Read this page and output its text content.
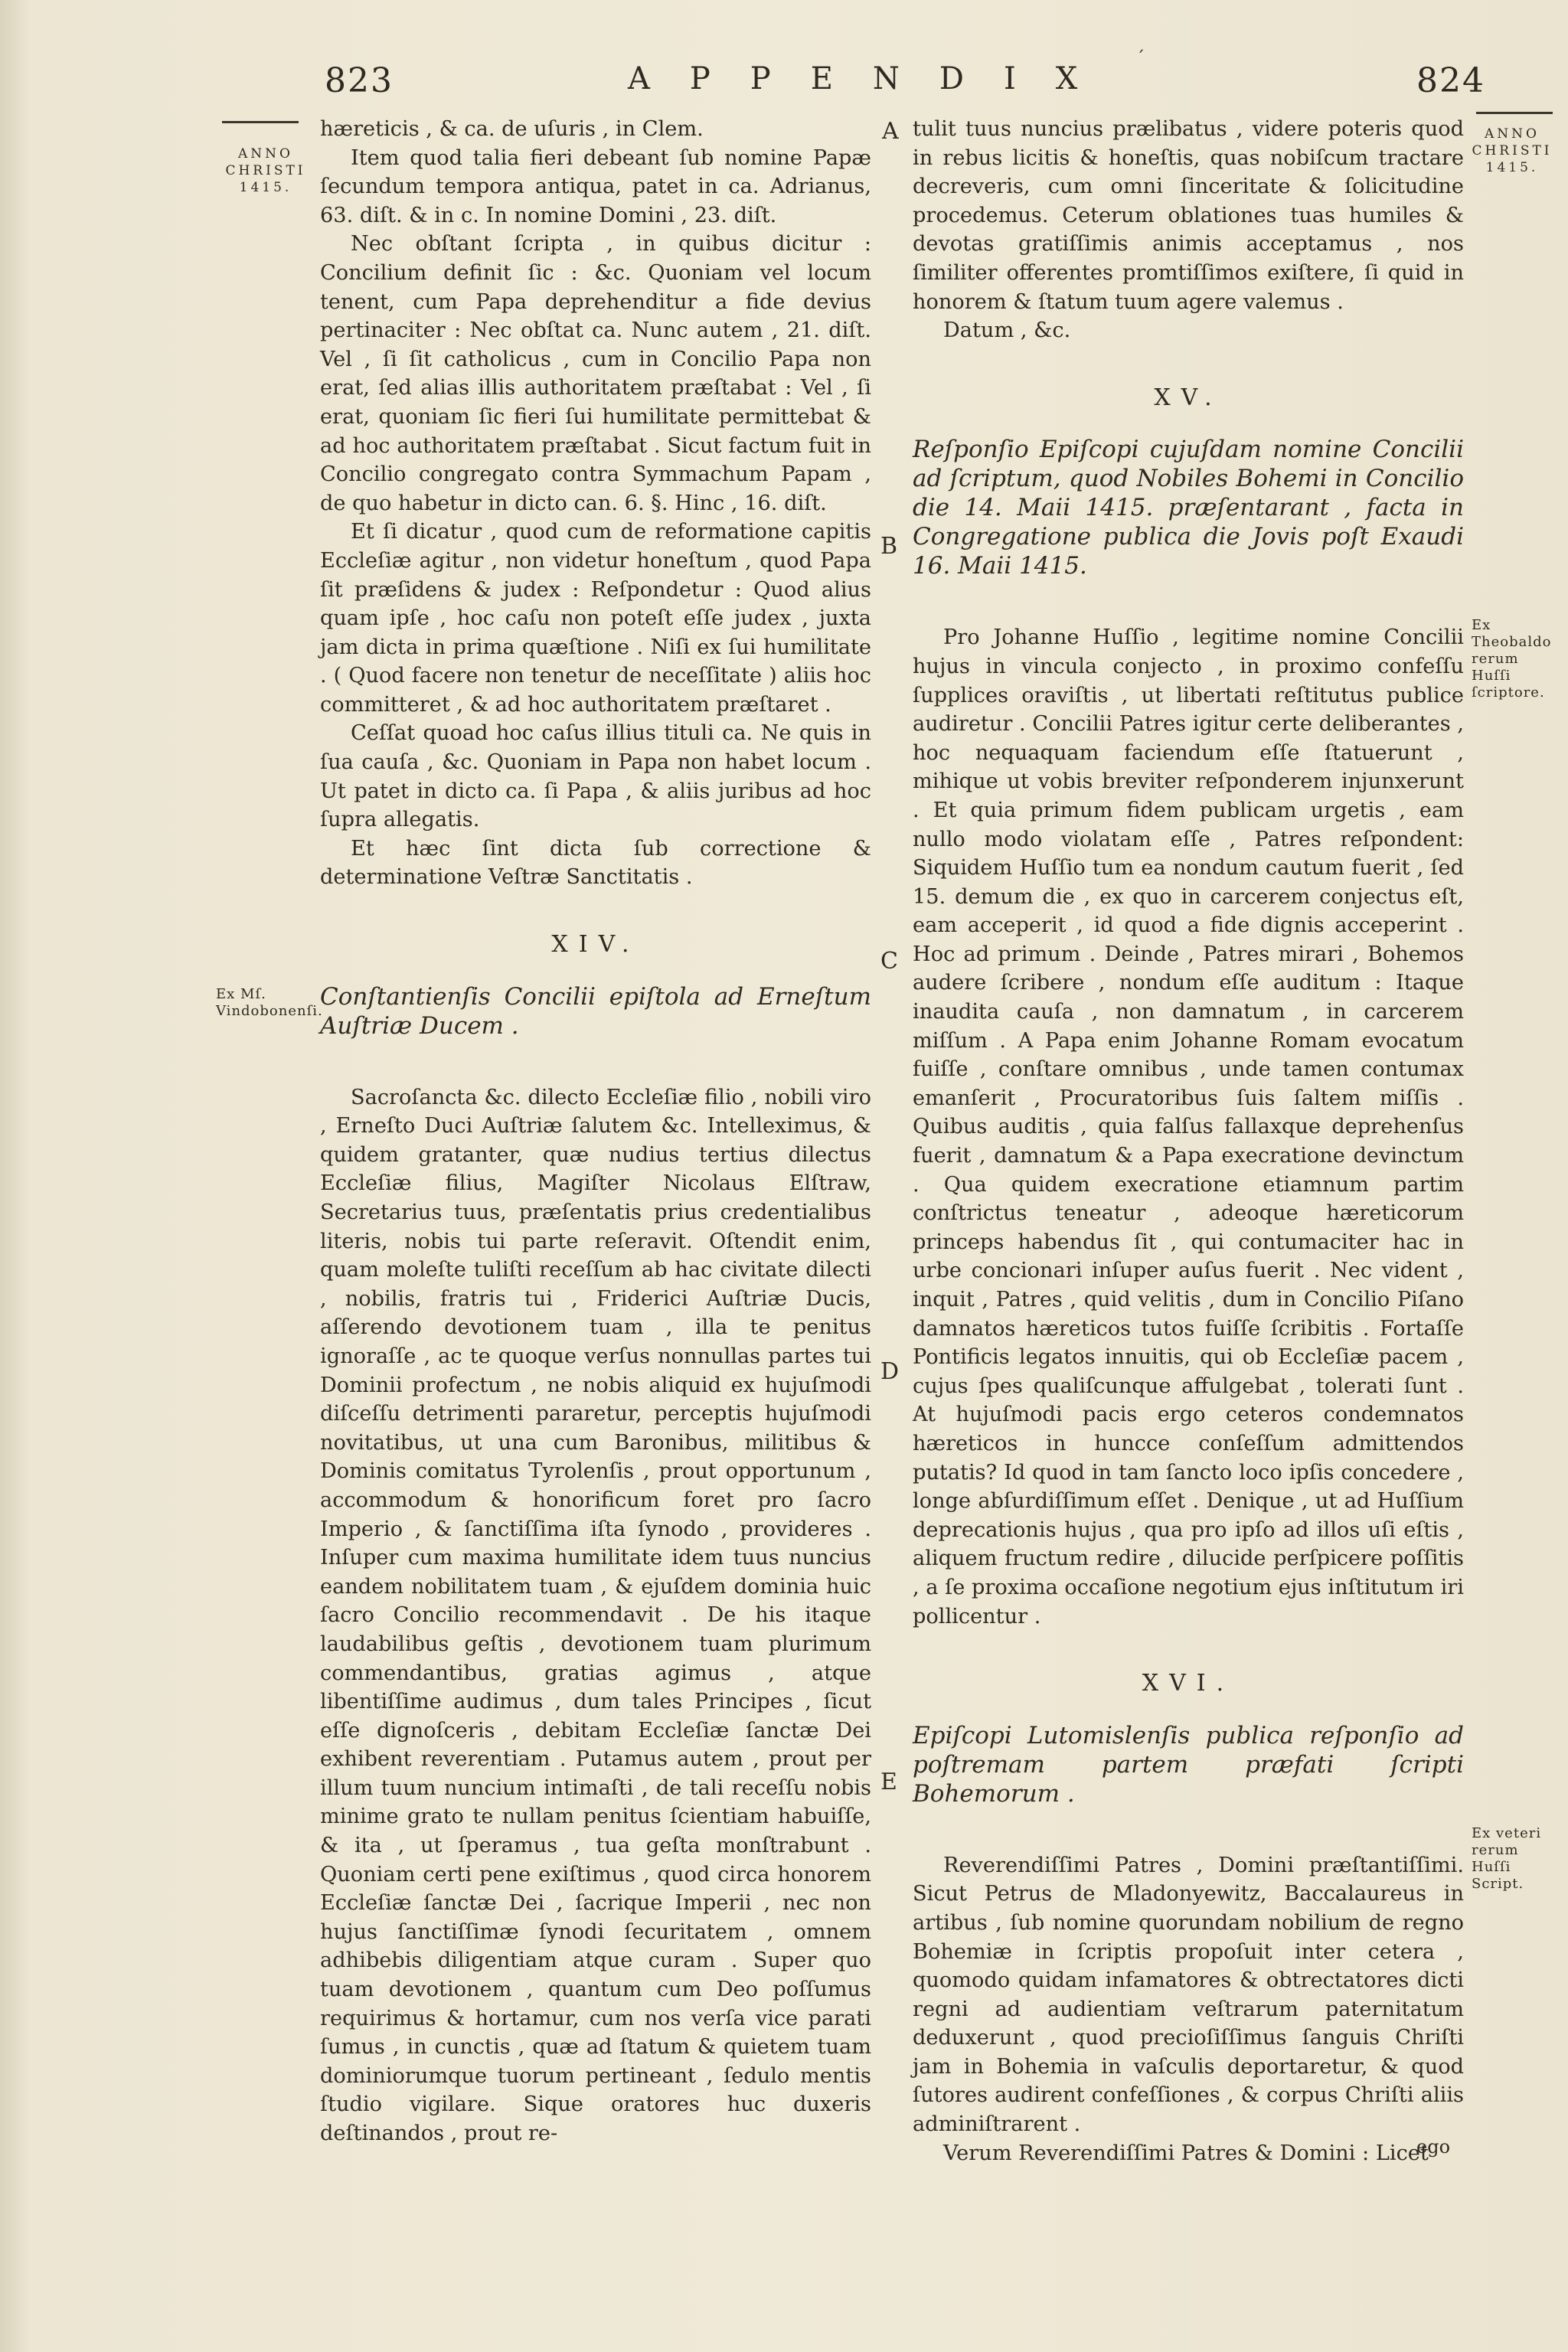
823	APPENDIX	824
ˊ
ANNO CHRISTI 1415.
ANNO CHRISTI 1415.
Ex Mſ. Vindobonenſi.
Ex Theobaldo rerum Huſſi ſcriptore.
Ex veteri rerum Huſſi Script.
A
B
C
D
E

hæreticis , & ca. de uſuris , in Clem.

Item quod talia fieri debeant ſub nomine Papæ ſecundum tempora antiqua, patet in ca. Adrianus, 63. diſt. & in c. In nomine Domini , 23. diſt.

Nec obſtant ſcripta , in quibus dicitur : Concilium definit ſic : &c. Quoniam vel locum tenent, cum Papa deprehenditur a fide devius pertinaciter : Nec obſtat ca. Nunc autem , 21. diſt. Vel , ſi ſit catholicus , cum in Concilio Papa non erat, ſed alias illis authoritatem præſtabat : Vel , ſi erat, quoniam ſic fieri ſui humilitate permittebat & ad hoc authoritatem præſtabat . Sicut factum fuit in Concilio congregato contra Symmachum Papam , de quo habetur in dicto can. 6. §. Hinc , 16. diſt.

Et ſi dicatur , quod cum de reformatione capitis Eccleſiæ agitur , non videtur honeſtum , quod Papa ſit præſidens & judex : Reſpondetur : Quod alius quam ipſe , hoc caſu non poteſt eſſe judex , juxta jam dicta in prima quæſtione . Niſi ex ſui humilitate . ( Quod facere non tenetur de neceſſitate ) aliis hoc committeret , & ad hoc authoritatem præſtaret .

Ceſſat quoad hoc caſus illius tituli ca. Ne quis in ſua cauſa , &c. Quoniam in Papa non habet locum . Ut patet in dicto ca. ſi Papa , & aliis juribus ad hoc ſupra allegatis.

Et hæc ſint dicta ſub correctione & determinatione Veſtræ Sanctitatis .

XIV.
Conſtantienſis Concilii epiſtola ad Erneſtum Auſtriæ Ducem .

Sacroſancta &c. dilecto Eccleſiæ filio , nobili viro , Erneſto Duci Auſtriæ ſalutem &c. Intelleximus, & quidem gratanter, quæ nudius tertius dilectus Eccleſiæ filius, Magiſter Nicolaus Elſtraw, Secretarius tuus, præſentatis prius credentialibus literis, nobis tui parte reſeravit. Oſtendit enim, quam moleſte tuliſti receſſum ab hac civitate dilecti , nobilis, fratris tui , Friderici Auſtriæ Ducis, aſſerendo devotionem tuam , illa te penitus ignoraſſe , ac te quoque verſus nonnullas partes tui Dominii profectum , ne nobis aliquid ex hujuſmodi diſceſſu detrimenti pararetur, perceptis hujuſmodi novitatibus, ut una cum Baronibus, militibus & Dominis comitatus Tyrolenſis , prout opportunum , accommodum & honorificum foret pro ſacro Imperio , & ſanctiſſima iſta ſynodo , provideres . Inſuper cum maxima humilitate idem tuus nuncius eandem nobilitatem tuam , & ejuſdem dominia huic ſacro Concilio recommendavit . De his itaque laudabilibus geſtis , devotionem tuam plurimum commendantibus, gratias agimus , atque libentiſſime audimus , dum tales Principes , ſicut eſſe dignoſceris , debitam Eccleſiæ ſanctæ Dei exhibent reverentiam . Putamus autem , prout per illum tuum nuncium intimaſti , de tali receſſu nobis minime grato te nullam penitus ſcientiam habuiſſe, & ita , ut ſperamus , tua geſta monſtrabunt . Quoniam certi pene exiſtimus , quod circa honorem Eccleſiæ ſanctæ Dei , ſacrique Imperii , nec non hujus ſanctiſſimæ ſynodi ſecuritatem , omnem adhibebis diligentiam atque curam . Super quo tuam devotionem , quantum cum Deo poſſumus requirimus & hortamur, cum nos verſa vice parati ſumus , in cunctis , quæ ad ſtatum & quietem tuam dominiorumque tuorum pertineant , ſedulo mentis ſtudio vigilare. Sique oratores huc duxeris deſtinandos , prout re-

tulit tuus nuncius prælibatus , videre poteris quod in rebus licitis & honeſtis, quas nobiſcum tractare decreveris, cum omni ſinceritate & ſolicitudine procedemus. Ceterum oblationes tuas humiles & devotas gratiſſimis animis acceptamus , nos ſimiliter offerentes promtiſſimos exiſtere, ſi quid in honorem & ſtatum tuum agere valemus .

Datum , &c.

XV.
Reſponſio Epiſcopi cujuſdam nomine Concilii ad ſcriptum, quod Nobiles Bohemi in Concilio die 14. Maii 1415. præſentarant , facta in Congregatione publica die Jovis poſt Exaudi 16. Maii 1415.

Pro Johanne Huſſio , legitime nomine Concilii hujus in vincula conjecto , in proximo confeſſu ſupplices oraviſtis , ut libertati reſtitutus publice audiretur . Concilii Patres igitur certe deliberantes , hoc nequaquam faciendum eſſe ſtatuerunt , mihique ut vobis breviter reſponderem injunxerunt . Et quia primum fidem publicam urgetis , eam nullo modo violatam eſſe , Patres reſpondent: Siquidem Huſſio tum ea nondum cautum fuerit , ſed 15. demum die , ex quo in carcerem conjectus eſt, eam acceperit , id quod a fide dignis acceperint . Hoc ad primum . Deinde , Patres mirari , Bohemos audere ſcribere , nondum eſſe auditum : Itaque inaudita cauſa , non damnatum , in carcerem miſſum . A Papa enim Johanne Romam evocatum fuiſſe , conſtare omnibus , unde tamen contumax emanſerit , Procuratoribus ſuis ſaltem miſſis . Quibus auditis , quia falſus fallaxque deprehenſus fuerit , damnatum & a Papa execratione devinctum . Qua quidem execratione etiamnum partim conſtrictus teneatur , adeoque hæreticorum princeps habendus ſit , qui contumaciter hac in urbe concionari inſuper auſus fuerit . Nec vident , inquit , Patres , quid velitis , dum in Concilio Piſano damnatos hæreticos tutos fuiſſe ſcribitis . Fortaſſe Pontificis legatos innuitis, qui ob Eccleſiæ pacem , cujus ſpes qualiſcunque affulgebat , tolerati ſunt . At hujuſmodi pacis ergo ceteros condemnatos hæreticos in huncce conſeſſum admittendos putatis? Id quod in tam ſancto loco ipſis concedere , longe abſurdiſſimum eſſet . Denique , ut ad Huſſium deprecationis hujus , qua pro ipſo ad illos uſi eſtis , aliquem fructum redire , dilucide perſpicere poſſitis , a ſe proxima occaſione negotium ejus inſtitutum iri pollicentur .

XVI.
Epiſcopi Lutomislenſis publica reſponſio ad poſtremam partem præfati ſcripti Bohemorum .

Reverendiſſimi Patres , Domini præſtantiſſimi. Sicut Petrus de Mladonyewitz, Baccalaureus in artibus , ſub nomine quorundam nobilium de regno Bohemiæ in ſcriptis propoſuit inter cetera , quomodo quidam infamatores & obtrectatores dicti regni ad audientiam veſtrarum paternitatum deduxerunt , quod precioſiſſimus ſanguis Chriſti jam in Bohemia in vaſculis deportaretur, & quod ſutores audirent confeſſiones , & corpus Chriſti aliis adminiſtrarent .

Verum Reverendiſſimi Patres & Domini : Licet

ego
